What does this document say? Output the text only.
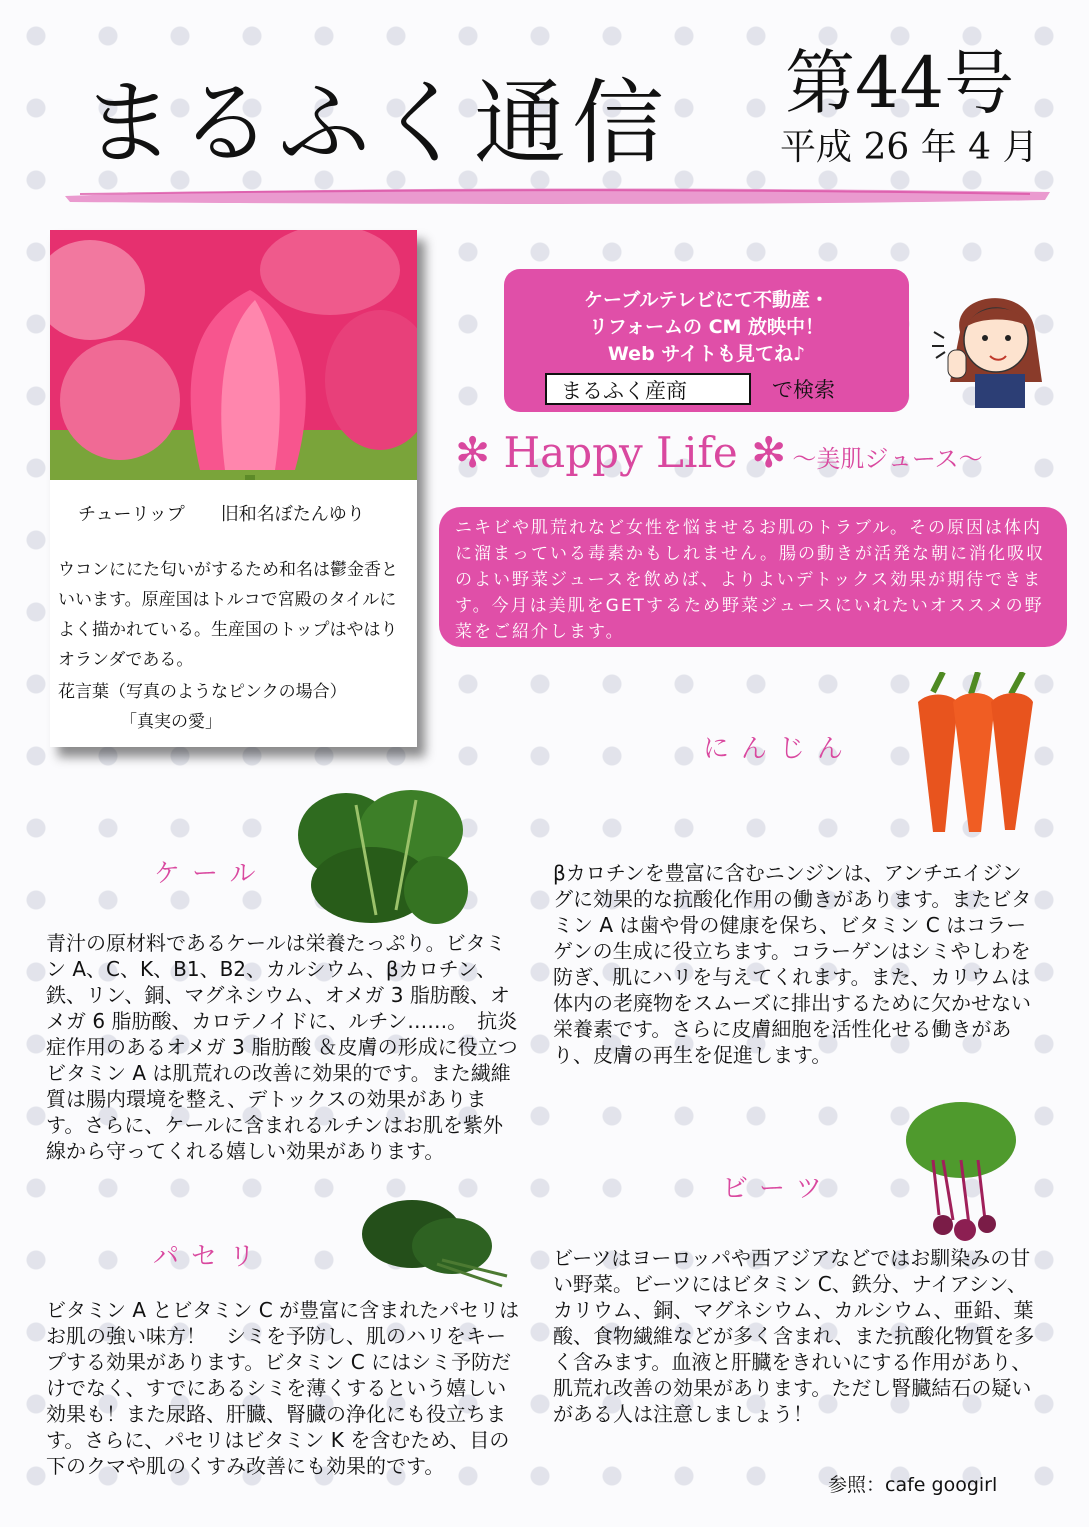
まるふく通信 第44号
平成 26 年 4 月
チューリップ　　旧和名ぼたんゆり
ウコンににた匂いがするため和名は鬱金香といいます。原産国はトルコで宮殿のタイルによく描かれている。生産国のトップはやはりオランダである。
花言葉（写真のようなピンクの場合）
「真実の愛」
ケーブルテレビにて不動産・
リフォームの CM 放映中！
Web サイトも見てね♪
まるふく産商	で検索
✻ Happy Life ✻ ～美肌ジュース～
ニキビや肌荒れなど女性を悩ませるお肌のトラブル。その原因は体内に溜まっている毒素かもしれません。腸の動きが活発な朝に消化吸収のよい野菜ジュースを飲めば、よりよいデトックス効果が期待できます。今月は美肌をGETするため野菜ジュースにいれたいオススメの野菜をご紹介します。
にんじん
βカロチンを豊富に含むニンジンは、アンチエイジングに効果的な抗酸化作用の働きがあります。またビタミン A は歯や骨の健康を保ち、ビタミン C はコラーゲンの生成に役立ちます。コラーゲンはシミやしわを防ぎ、肌にハリを与えてくれます。また、カリウムは体内の老廃物をスムーズに排出するために欠かせない栄養素です。さらに皮膚細胞を活性化せる働きがあり、皮膚の再生を促進します。
ケール
青汁の原材料であるケールは栄養たっぷり。ビタミン A、C、K、B1、B2、カルシウム、βカロチン、鉄、リン、銅、マグネシウム、オメガ 3 脂肪酸、オメガ 6 脂肪酸、カロテノイドに、ルチン……。　抗炎症作用のあるオメガ 3 脂肪酸 ＆皮膚の形成に役立つビタミン A は肌荒れの改善に効果的です。また繊維質は腸内環境を整え、デトックスの効果があります。さらに、ケールに含まれるルチンはお肌を紫外線から守ってくれる嬉しい効果があります。
パセリ
ビタミン A とビタミン C が豊富に含まれたパセリはお肌の強い味方！　シミを予防し、肌のハリをキープする効果があります。ビタミン C にはシミ予防だけでなく、すでにあるシミを薄くするという嬉しい効果も！また尿路、肝臓、腎臓の浄化にも役立ちます。さらに、パセリはビタミン K を含むため、目の下のクマや肌のくすみ改善にも効果的です。
ビーツ
ビーツはヨーロッパや西アジアなどではお馴染みの甘い野菜。ビーツにはビタミン C、鉄分、ナイアシン、カリウム、銅、マグネシウム、カルシウム、亜鉛、葉酸、食物繊維などが多く含まれ、また抗酸化物質を多く含みます。血液と肝臓をきれいにする作用があり、肌荒れ改善の効果があります。ただし腎臓結石の疑いがある人は注意しましょう！
参照：cafe googirl
